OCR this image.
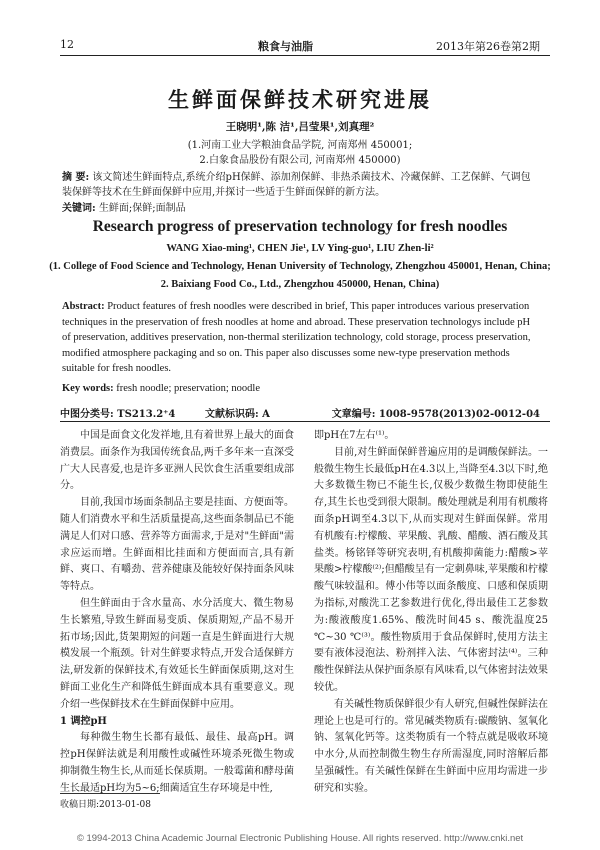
12	粮食与油脂	2013年第26卷第2期
生鲜面保鲜技术研究进展
王晓明¹,陈 洁¹,吕莹果¹,刘真理²
(1.河南工业大学粮油食品学院, 河南郑州 450001;
2.白象食品股份有限公司, 河南郑州 450000)
摘 要: 该文简述生鲜面特点,系统介绍pH保鲜、添加剂保鲜、非热杀菌技术、冷藏保鲜、工艺保鲜、气调包装保鲜等技术在生鲜面保鲜中应用,并探讨一些适于生鲜面保鲜的新方法。
关键词: 生鲜面;保鲜;面制品
Research progress of preservation technology for fresh noodles
WANG Xiao-ming¹, CHEN Jie¹, LV Ying-guo¹, LIU Zhen-li²
(1. College of Food Science and Technology, Henan University of Technology, Zhengzhou 450001, Henan, China;
2. Baixiang Food Co., Ltd., Zhengzhou 450000, Henan, China)
Abstract: Product features of fresh noodles were described in brief, This paper introduces various preservation techniques in the preservation of fresh noodles at home and abroad. These preservation technologys include pH of preservation, additives preservation, non-thermal sterilization technology, cold storage, process preservation, modified atmosphere packaging and so on. This paper also discusses some new-type preservation methods suitable for fresh noodles.
Key words: fresh noodle; preservation; noodle
中图分类号: TS213.2⁺4	文献标识码: A	文章编号: 1008-9578(2013)02-0012-04

中国是面食文化发祥地,且有着世界上最大的面食消费层。面条作为我国传统食品,两千多年来一直深受广大人民喜爱,也是许多亚洲人民饮食生活重要组成部分。

目前,我国市场面条制品主要是挂面、方便面等。随人们消费水平和生活质量提高,这些面条制品已不能满足人们对口感、营养等方面需求,于是对"生鲜面"需求应运而增。生鲜面相比挂面和方便面而言,具有新鲜、爽口、有嚼劲、营养健康及能较好保持面条风味等特点。

但生鲜面由于含水量高、水分活度大、微生物易生长繁殖,导致生鲜面易变质、保质期短,产品不易开拓市场;因此,货架期短的问题一直是生鲜面进行大规模发展一个瓶颈。针对生鲜要求特点,开发合适保鲜方法,研发新的保鲜技术,有效延长生鲜面保质期,这对生鲜面工业化生产和降低生鲜面成本具有重要意义。现介绍一些保鲜技术在生鲜面保鲜中应用。

1 调控pH

每种微生物生长都有最低、最佳、最高pH。调控pH保鲜法就是利用酸性或碱性环境杀死微生物或抑制微生物生长,从而延长保质期。一般霉菌和酵母菌生长最适pH均为5~6;细菌适宜生存环境是中性,

即pH在7左右⁽¹⁾。

目前,对生鲜面保鲜普遍应用的是调酸保鲜法。一般微生物生长最低pH在4.3以上,当降至4.3以下时,绝大多数微生物已不能生长,仅极少数微生物即使能生存,其生长也受到很大限制。酸处理就是利用有机酸将面条pH调至4.3以下,从而实现对生鲜面保鲜。常用有机酸有:柠檬酸、苹果酸、乳酸、醋酸、酒石酸及其盐类。杨铭铎等研究表明,有机酸抑菌能力:醋酸>苹果酸>柠檬酸⁽²⁾;但醋酸呈有一定刺鼻味,苹果酸和柠檬酸气味较温和。傅小伟等以面条酸度、口感和保质期为指标,对酸洗工艺参数进行优化,得出最佳工艺参数为:酸液酸度1.65%、酸洗时间45 s、酸洗温度25 ℃~30 ℃⁽³⁾。酸性物质用于食品保鲜时,使用方法主要有液体浸泡法、粉剂拌入法、气体密封法⁽⁴⁾。三种酸性保鲜法从保护面条原有风味看,以气体密封法效果较优。

有关碱性物质保鲜很少有人研究,但碱性保鲜法在理论上也是可行的。常见碱类物质有:碳酸钠、氢氧化钠、氢氧化钙等。这类物质有一个特点就是吸收环境中水分,从而控制微生物生存所需湿度,同时溶解后都呈强碱性。有关碱性保鲜在生鲜面中应用均需进一步研究和实验。

收稿日期:2013-01-08
© 1994-2013 China Academic Journal Electronic Publishing House. All rights reserved. http://www.cnki.net
